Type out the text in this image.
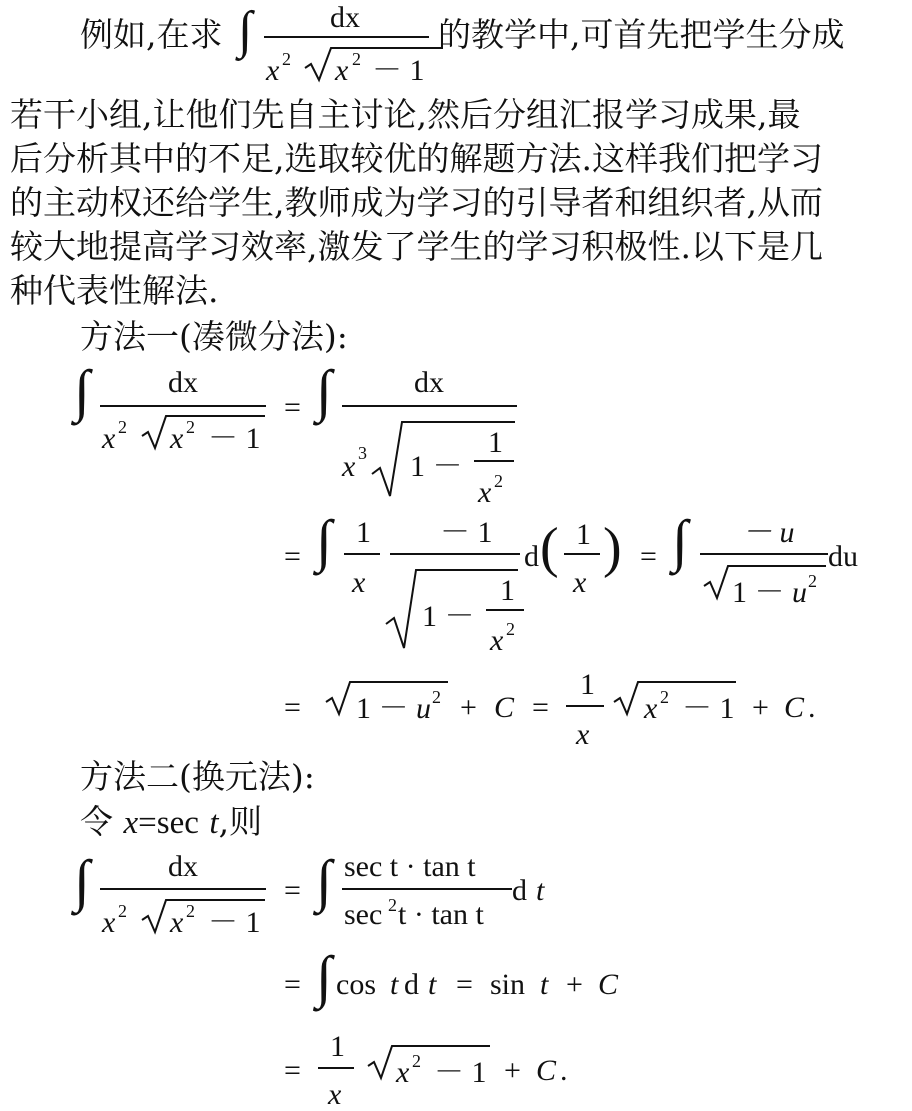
例如,在求 ∫	dx
x 2 x 2 － 1
的教学中,可首先把学生分成
若干小组,让他们先自主讨论,然后分组汇报学习成果,最
后分析其中的不足,选取较优的解题方法.这样我们把学习
的主动权还给学生,教师成为学习的引导者和组织者,从而
较大地提高学习效率,激发了学生的学习积极性.以下是几
种代表性解法.
方法一(凑微分法):
∫	dx
x 2 x 2 － 1
= ∫	dx
x 3 1 －
1
x 2
= ∫ 1
x
－ 1
1 －
1
x 2
d ( 1
x
) = ∫ － u
1 － u 2
du
= 1 － u 2 + C =
1
x
x 2 － 1 + C .
方法二(换元法):
令 x=sec t,则
∫	dx
x 2 x 2 － 1
= ∫ sec t · tan t
sec 2 t · tan t
d t
= ∫ cos t d t = sin t + C
=
1
x
x 2 － 1 + C .
